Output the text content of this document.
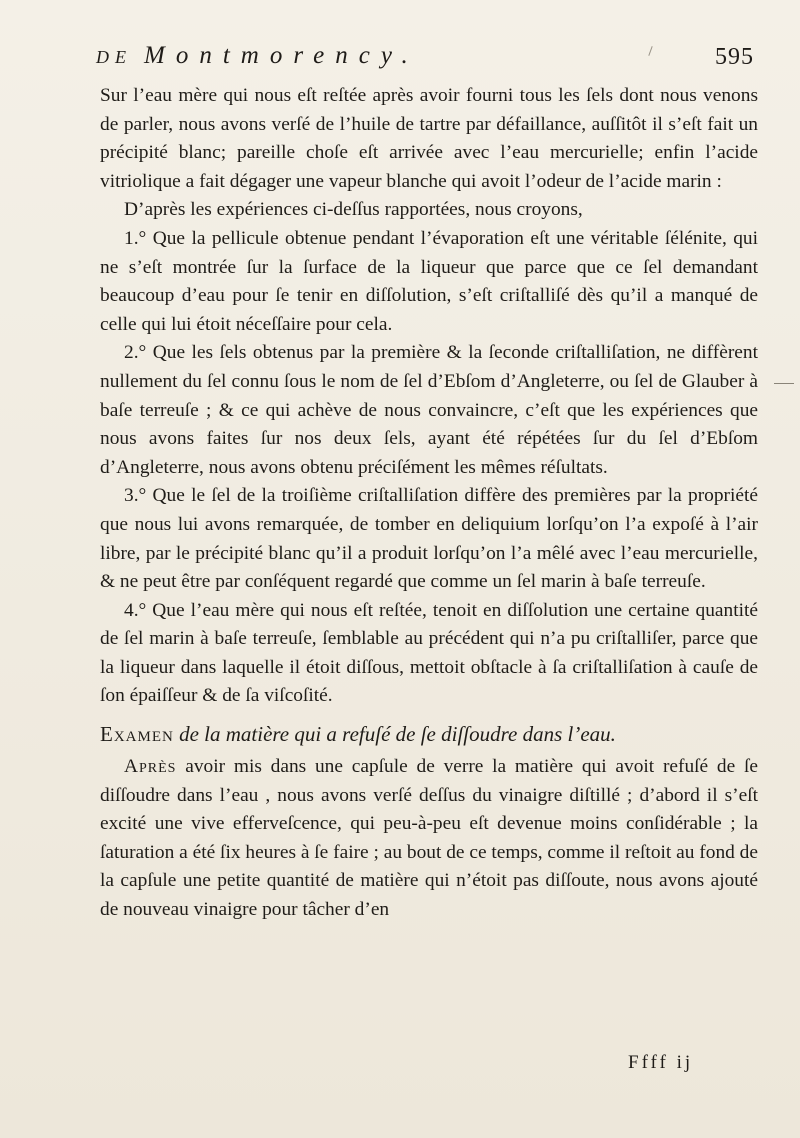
DE Montmorency.	595

Sur l’eau mère qui nous eſt reſtée après avoir fourni tous les ſels dont nous venons de parler, nous avons verſé de l’huile de tartre par défaillance, auſſitôt il s’eſt fait un précipité blanc; pareille choſe eſt arrivée avec l’eau mercurielle; enfin l’acide vitriolique a fait dégager une vapeur blanche qui avoit l’odeur de l’acide marin :

D’après les expériences ci-deſſus rapportées, nous croyons,

1.° Que la pellicule obtenue pendant l’évaporation eſt une véritable ſélénite, qui ne s’eſt montrée ſur la ſurface de la liqueur que parce que ce ſel demandant beaucoup d’eau pour ſe tenir en diſſolution, s’eſt criſtalliſé dès qu’il a manqué de celle qui lui étoit néceſſaire pour cela.

2.° Que les ſels obtenus par la première & la ſeconde criſtalliſation, ne diffèrent nullement du ſel connu ſous le nom de ſel d’Ebſom d’Angleterre, ou ſel de Glauber à baſe terreuſe ; & ce qui achève de nous convaincre, c’eſt que les expériences que nous avons faites ſur nos deux ſels, ayant été répétées ſur du ſel d’Ebſom d’Angleterre, nous avons obtenu préciſément les mêmes réſultats.

3.° Que le ſel de la troiſième criſtalliſation diffère des premières par la propriété que nous lui avons remarquée, de tomber en deliquium lorſqu’on l’a expoſé à l’air libre, par le précipité blanc qu’il a produit lorſqu’on l’a mêlé avec l’eau mercurielle, & ne peut être par conſéquent regardé que comme un ſel marin à baſe terreuſe.

4.° Que l’eau mère qui nous eſt reſtée, tenoit en diſſolution une certaine quantité de ſel marin à baſe terreuſe, ſemblable au précédent qui n’a pu criſtalliſer, parce que la liqueur dans laquelle il étoit diſſous, mettoit obſtacle à ſa criſtalliſation à cauſe de ſon épaiſſeur & de ſa viſcoſité.

Examen de la matière qui a refuſé de ſe diſſoudre dans l’eau.

Après avoir mis dans une capſule de verre la matière qui avoit refuſé de ſe diſſoudre dans l’eau , nous avons verſé deſſus du vinaigre diſtillé ; d’abord il s’eſt excité une vive efferveſcence, qui peu-à-peu eſt devenue moins conſidérable ; la ſaturation a été ſix heures à ſe faire ; au bout de ce temps, comme il reſtoit au fond de la capſule une petite quantité de matière qui n’étoit pas diſſoute, nous avons ajouté de nouveau vinaigre pour tâcher d’en

Ffff ij
